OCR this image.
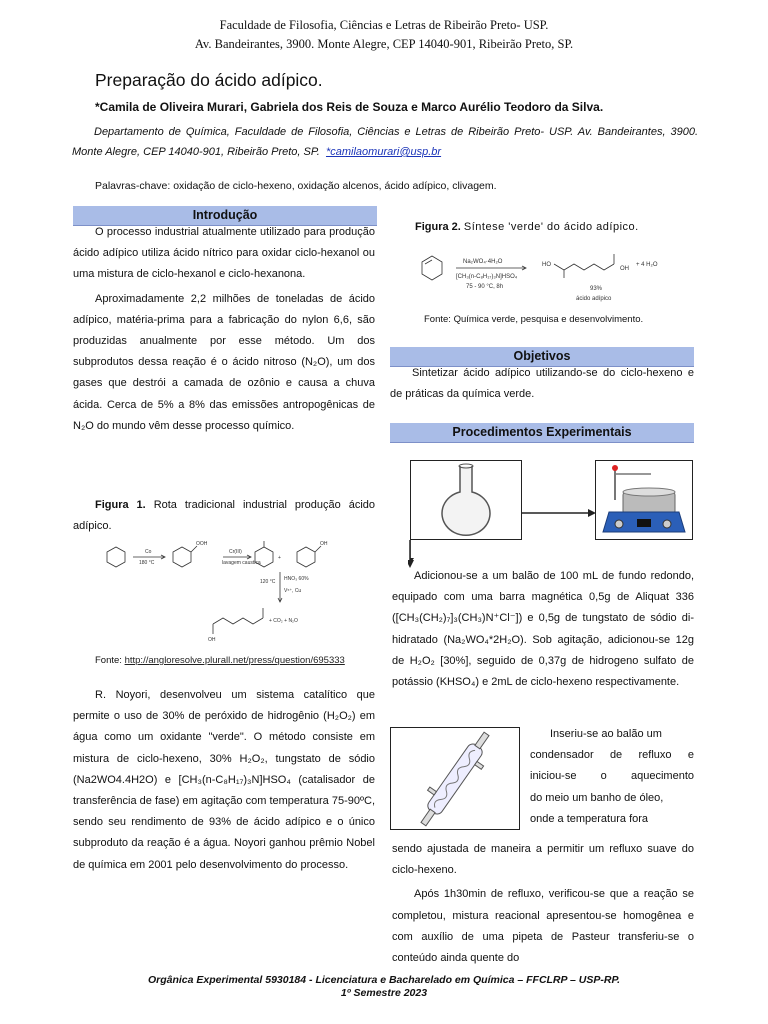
Faculdade de Filosofia, Ciências e Letras de Ribeirão Preto- USP.
Av. Bandeirantes, 3900. Monte Alegre, CEP 14040-901, Ribeirão Preto, SP.
Preparação do ácido adípico.
*Camila de Oliveira Murari, Gabriela dos Reis de Souza e Marco Aurélio Teodoro da Silva.
Departamento de Química, Faculdade de Filosofia, Ciências e Letras de Ribeirão Preto- USP. Av. Bandeirantes, 3900. Monte Alegre, CEP 14040-901, Ribeirão Preto, SP. *camilaomurari@usp.br
Palavras-chave: oxidação de ciclo-hexeno, oxidação alcenos, ácido adípico, clivagem.
Introdução

O processo industrial atualmente utilizado para produção ácido adípico utiliza ácido nítrico para oxidar ciclo-hexanol ou uma mistura de ciclo-hexanol e ciclo-hexanona.

Aproximadamente 2,2 milhões de toneladas de ácido adípico, matéria-prima para a fabricação do nylon 6,6, são produzidas anualmente por esse método. Um dos subprodutos dessa reação é o ácido nitroso (N₂O), um dos gases que destrói a camada de ozônio e causa a chuva ácida. Cerca de 5% a 8% das emissões antropogênicas de N₂O do mundo vêm desse processo químico.

Figura 1. Rota tradicional industrial produção ácido adípico.

Co
180 °C
OOH
Cr(III)
lavagem caustica
+
OH
120 °C HNO₃ 60%
V⁵⁺, Cu
OH
+ CO₂ + N₂O
Fonte: http://angloresolve.plurall.net/press/question/695333

R. Noyori, desenvolveu um sistema catalítico que permite o uso de 30% de peróxido de hidrogênio (H₂O₂) em água como um oxidante "verde". O método consiste em mistura de ciclo-hexeno, 30% H₂O₂, tungstato de sódio (Na2WO4.4H2O) e [CH₃(n-C₈H₁₇)₃N]HSO₄ (catalisador de transferência de fase) em agitação com temperatura 75-90ºC, sendo seu rendimento de 93% de ácido adípico e o único subproduto da reação é a água. Noyori ganhou prêmio Nobel de química em 2001 pelo desenvolvimento do processo.

Figura 2. Síntese 'verde' do ácido adípico.
Na₂WO₄·4H₂O
[CH₃(n-C₈H₁₇)₃N]HSO₄
75 - 90 °C, 8h
HO
OH
93%
ácido adípico
+ 4 H₂O
Fonte: Química verde, pesquisa e desenvolvimento.
Objetivos

Sintetizar ácido adípico utilizando-se do ciclo-hexeno e de práticas da química verde.

Procedimentos Experimentais

Adicionou-se a um balão de 100 mL de fundo redondo, equipado com uma barra magnética 0,5g de Aliquat 336 ([CH₃(CH₂)₇]₃(CH₃)N⁺Cl⁻]) e 0,5g de tungstato de sódio di-hidratado (Na₂WO₄*2H₂O). Sob agitação, adicionou-se 12g de H₂O₂ [30%], seguido de 0,37g de hidrogeno sulfato de potássio (KHSO₄) e 2mL de ciclo-hexeno respectivamente.

Inseriu-se ao balão um
condensador de refluxo e
iniciou-se o aquecimento
do meio um banho de óleo,
onde a temperatura fora
sendo ajustada de maneira a permitir um refluxo suave do ciclo-hexeno.

Após 1h30min de refluxo, verificou-se que a reação se completou, mistura reacional apresentou-se homogênea e com auxílio de uma pipeta de Pasteur transferiu-se o conteúdo ainda quente do

Orgânica Experimental 5930184 - Licenciatura e Bacharelado em Química – FFCLRP – USP-RP.
1º Semestre 2023
